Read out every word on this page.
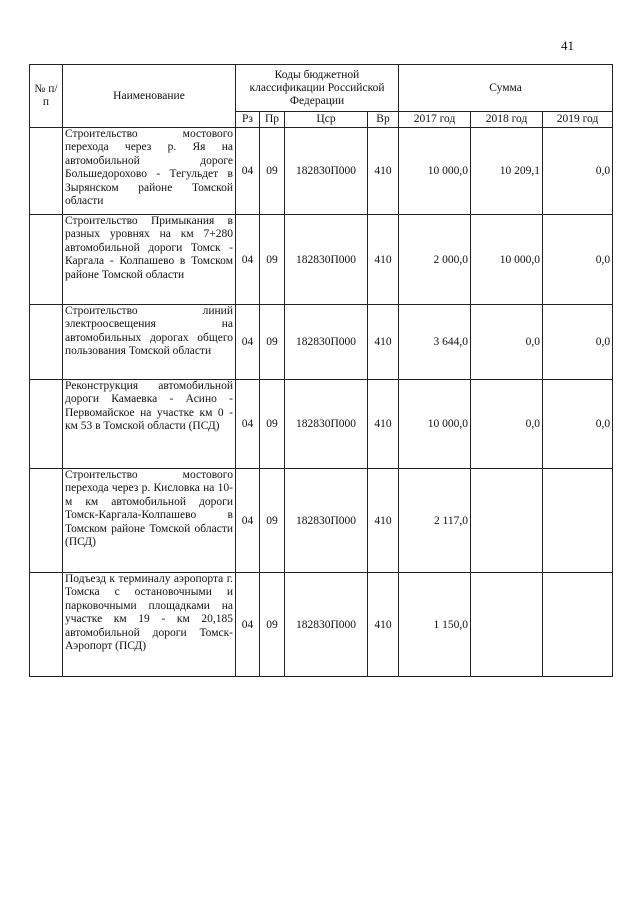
41
№ п/п	Наименование	Коды бюджетной классификации Российской Федерации				Сумма		
		Рз	Пр	Цср	Вр	2017 год	2018 год	2019 год
	Строительство мостового перехода через р. Яя на автомобильной дороге Большедорохово - Тегульдет в Зырянском районе Томской области	04	09	182830П000	410	10 000,0	10 209,1	0,0
	Строительство Примыкания в разных уровнях на км 7+280 автомобильной дороги Томск - Каргала - Колпашево в Томском районе Томской области	04	09	182830П000	410	2 000,0	10 000,0	0,0
	Строительство линий электроосвещения на автомобильных дорогах общего пользования Томской области	04	09	182830П000	410	3 644,0	0,0	0,0
	Реконструкция автомобильной дороги Камаевка - Асино - Первомайское на участке км 0 - км 53 в Томской области (ПСД)	04	09	182830П000	410	10 000,0	0,0	0,0
	Строительство мостового перехода через р. Кисловка на 10-м км автомобильной дороги Томск-Каргала-Колпашево в Томском районе Томской области (ПСД)	04	09	182830П000	410	2 117,0		
	Подъезд к терминалу аэропорта г. Томска с остановочными и парковочными площадками на участке км 19 - км 20,185 автомобильной дороги Томск-Аэропорт (ПСД)	04	09	182830П000	410	1 150,0		
